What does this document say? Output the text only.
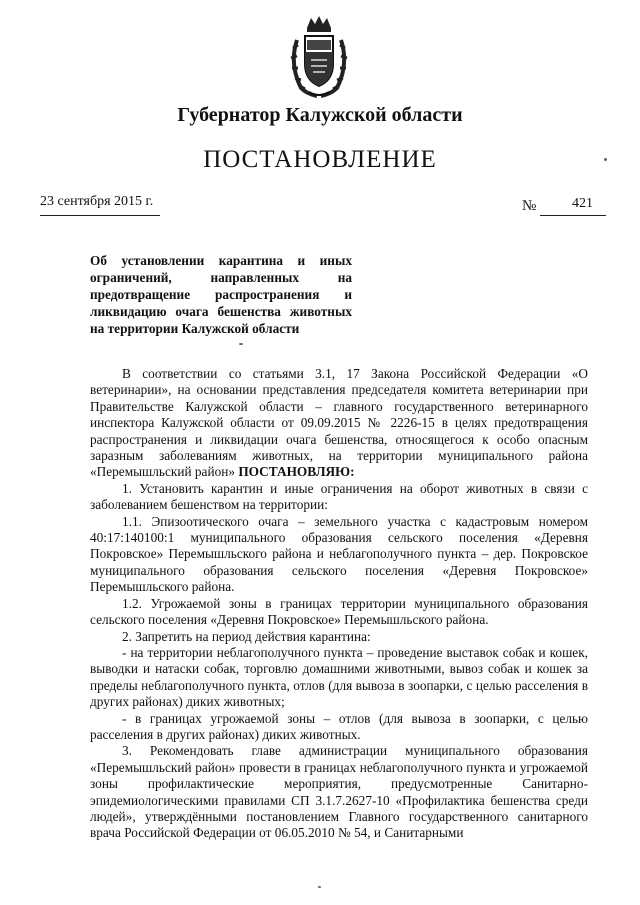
Губернатор Калужской области
ПОСТАНОВЛЕНИЕ
23 сентября 2015 г.	№	421
Об установлении карантина и иных ограничений, направленных на предотвращение распространения и ликвидацию очага бешенства животных на территории Калужской области

В соответствии со статьями 3.1, 17 Закона Российской Федерации «О ветеринарии», на основании представления председателя комитета ветеринарии при Правительстве Калужской области – главного государственного ветеринарного инспектора Калужской области от 09.09.2015 № 2226-15 в целях предотвращения распространения и ликвидации очага бешенства, относящегося к особо опасным заразным заболеваниям животных, на территории муниципального района «Перемышльский район» ПОСТАНОВЛЯЮ:

1. Установить карантин и иные ограничения на оборот животных в связи с заболеванием бешенством на территории:

1.1. Эпизоотического очага – земельного участка с кадастровым номером 40:17:140100:1 муниципального образования сельского поселения «Деревня Покровское» Перемышльского района и неблагополучного пункта – дер. Покровское муниципального образования сельского поселения «Деревня Покровское» Перемышльского района.

1.2. Угрожаемой зоны в границах территории муниципального образования сельского поселения «Деревня Покровское» Перемышльского района.

2. Запретить на период действия карантина:

- на территории неблагополучного пункта – проведение выставок собак и кошек, выводки и натаски собак, торговлю домашними животными, вывоз собак и кошек за пределы неблагополучного пункта, отлов (для вывоза в зоопарки, с целью расселения в других районах) диких животных;

- в границах угрожаемой зоны – отлов (для вывоза в зоопарки, с целью расселения в других районах) диких животных.

3. Рекомендовать главе администрации муниципального образования «Перемышльский район» провести в границах неблагополучного пункта и угрожаемой зоны профилактические мероприятия, предусмотренные Санитарно-эпидемиологическими правилами СП 3.1.7.2627-10 «Профилактика бешенства среди людей», утверждёнными постановлением Главного государственного санитарного врача Российской Федерации от 06.05.2010 № 54, и Санитарными
